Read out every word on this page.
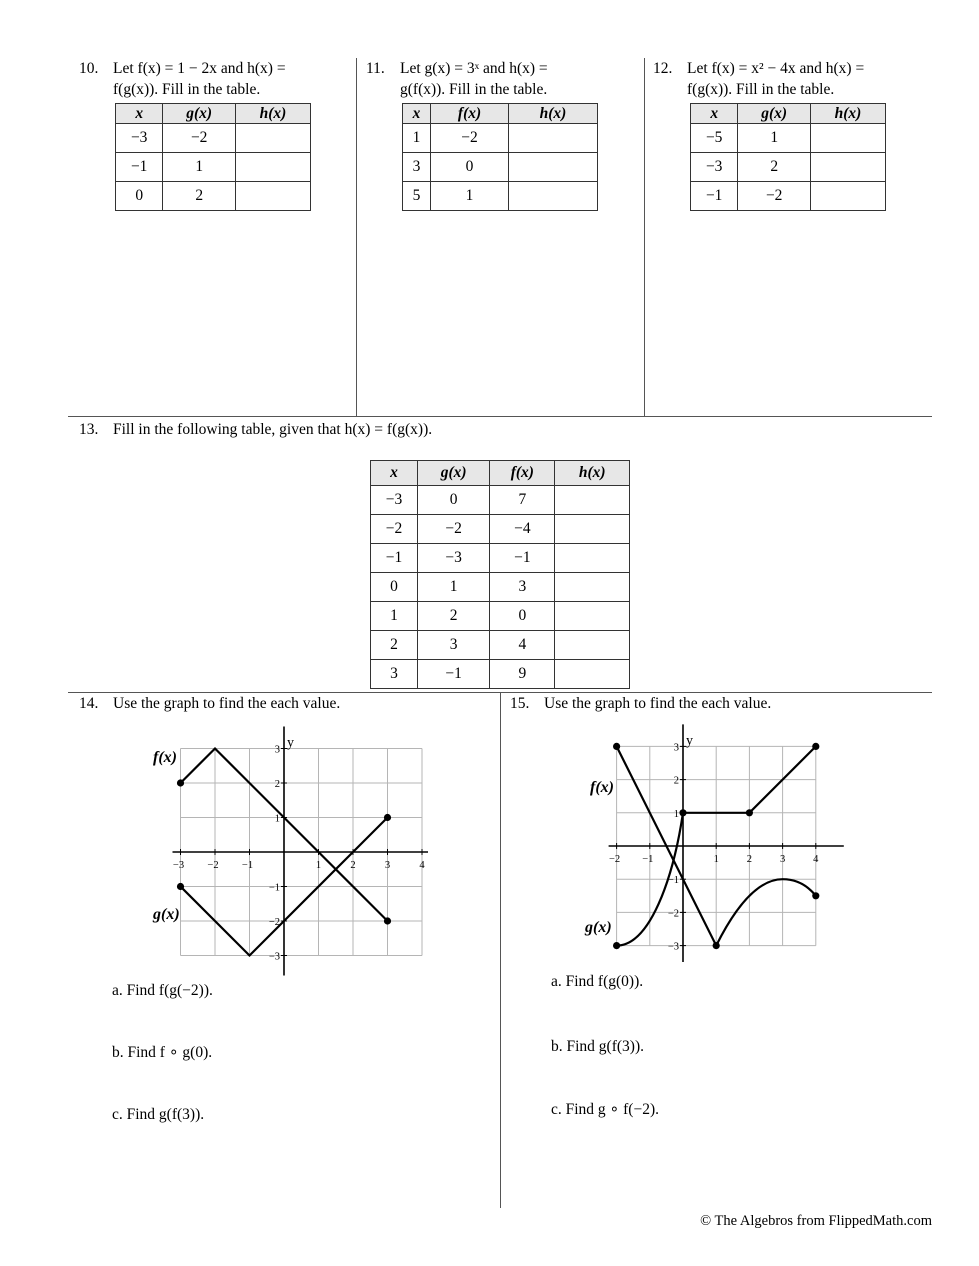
10. Let f(x) = 1 − 2x and h(x) =
f(g(x)). Fill in the table.
x	g(x)	h(x)
−3	−2	
−1	1	
0	2	
11. Let g(x) = 3ˣ and h(x) =
g(f(x)). Fill in the table.
x	f(x)	h(x)
1	−2	
3	0	
5	1	
12. Let f(x) = x² − 4x and h(x) =
f(g(x)). Fill in the table.
x	g(x)	h(x)
−5	1	
−3	2	
−1	−2	
13. Fill in the following table, given that h(x) = f(g(x)).
x	g(x)	f(x)	h(x)
−3	0	7	
−2	−2	−4	
−1	−3	−1	
0	1	3	
1	2	0	
2	3	4	
3	−1	9	
14. Use the graph to find the each value.
−3 −2 −1	1	2	3	4
3
2
1
−1
−2
−3
y
f(x)
g(x)
a. Find f(g(−2)).
b. Find f ∘ g(0).
c. Find g(f(3)).
15. Use the graph to find the each value.
−2 −1	1	2	3	4
3
2
1
−1
−2
−3
y
f(x)
g(x)
a. Find f(g(0)).
b. Find g(f(3)).
c. Find g ∘ f(−2).
© The Algebros from FlippedMath.com
